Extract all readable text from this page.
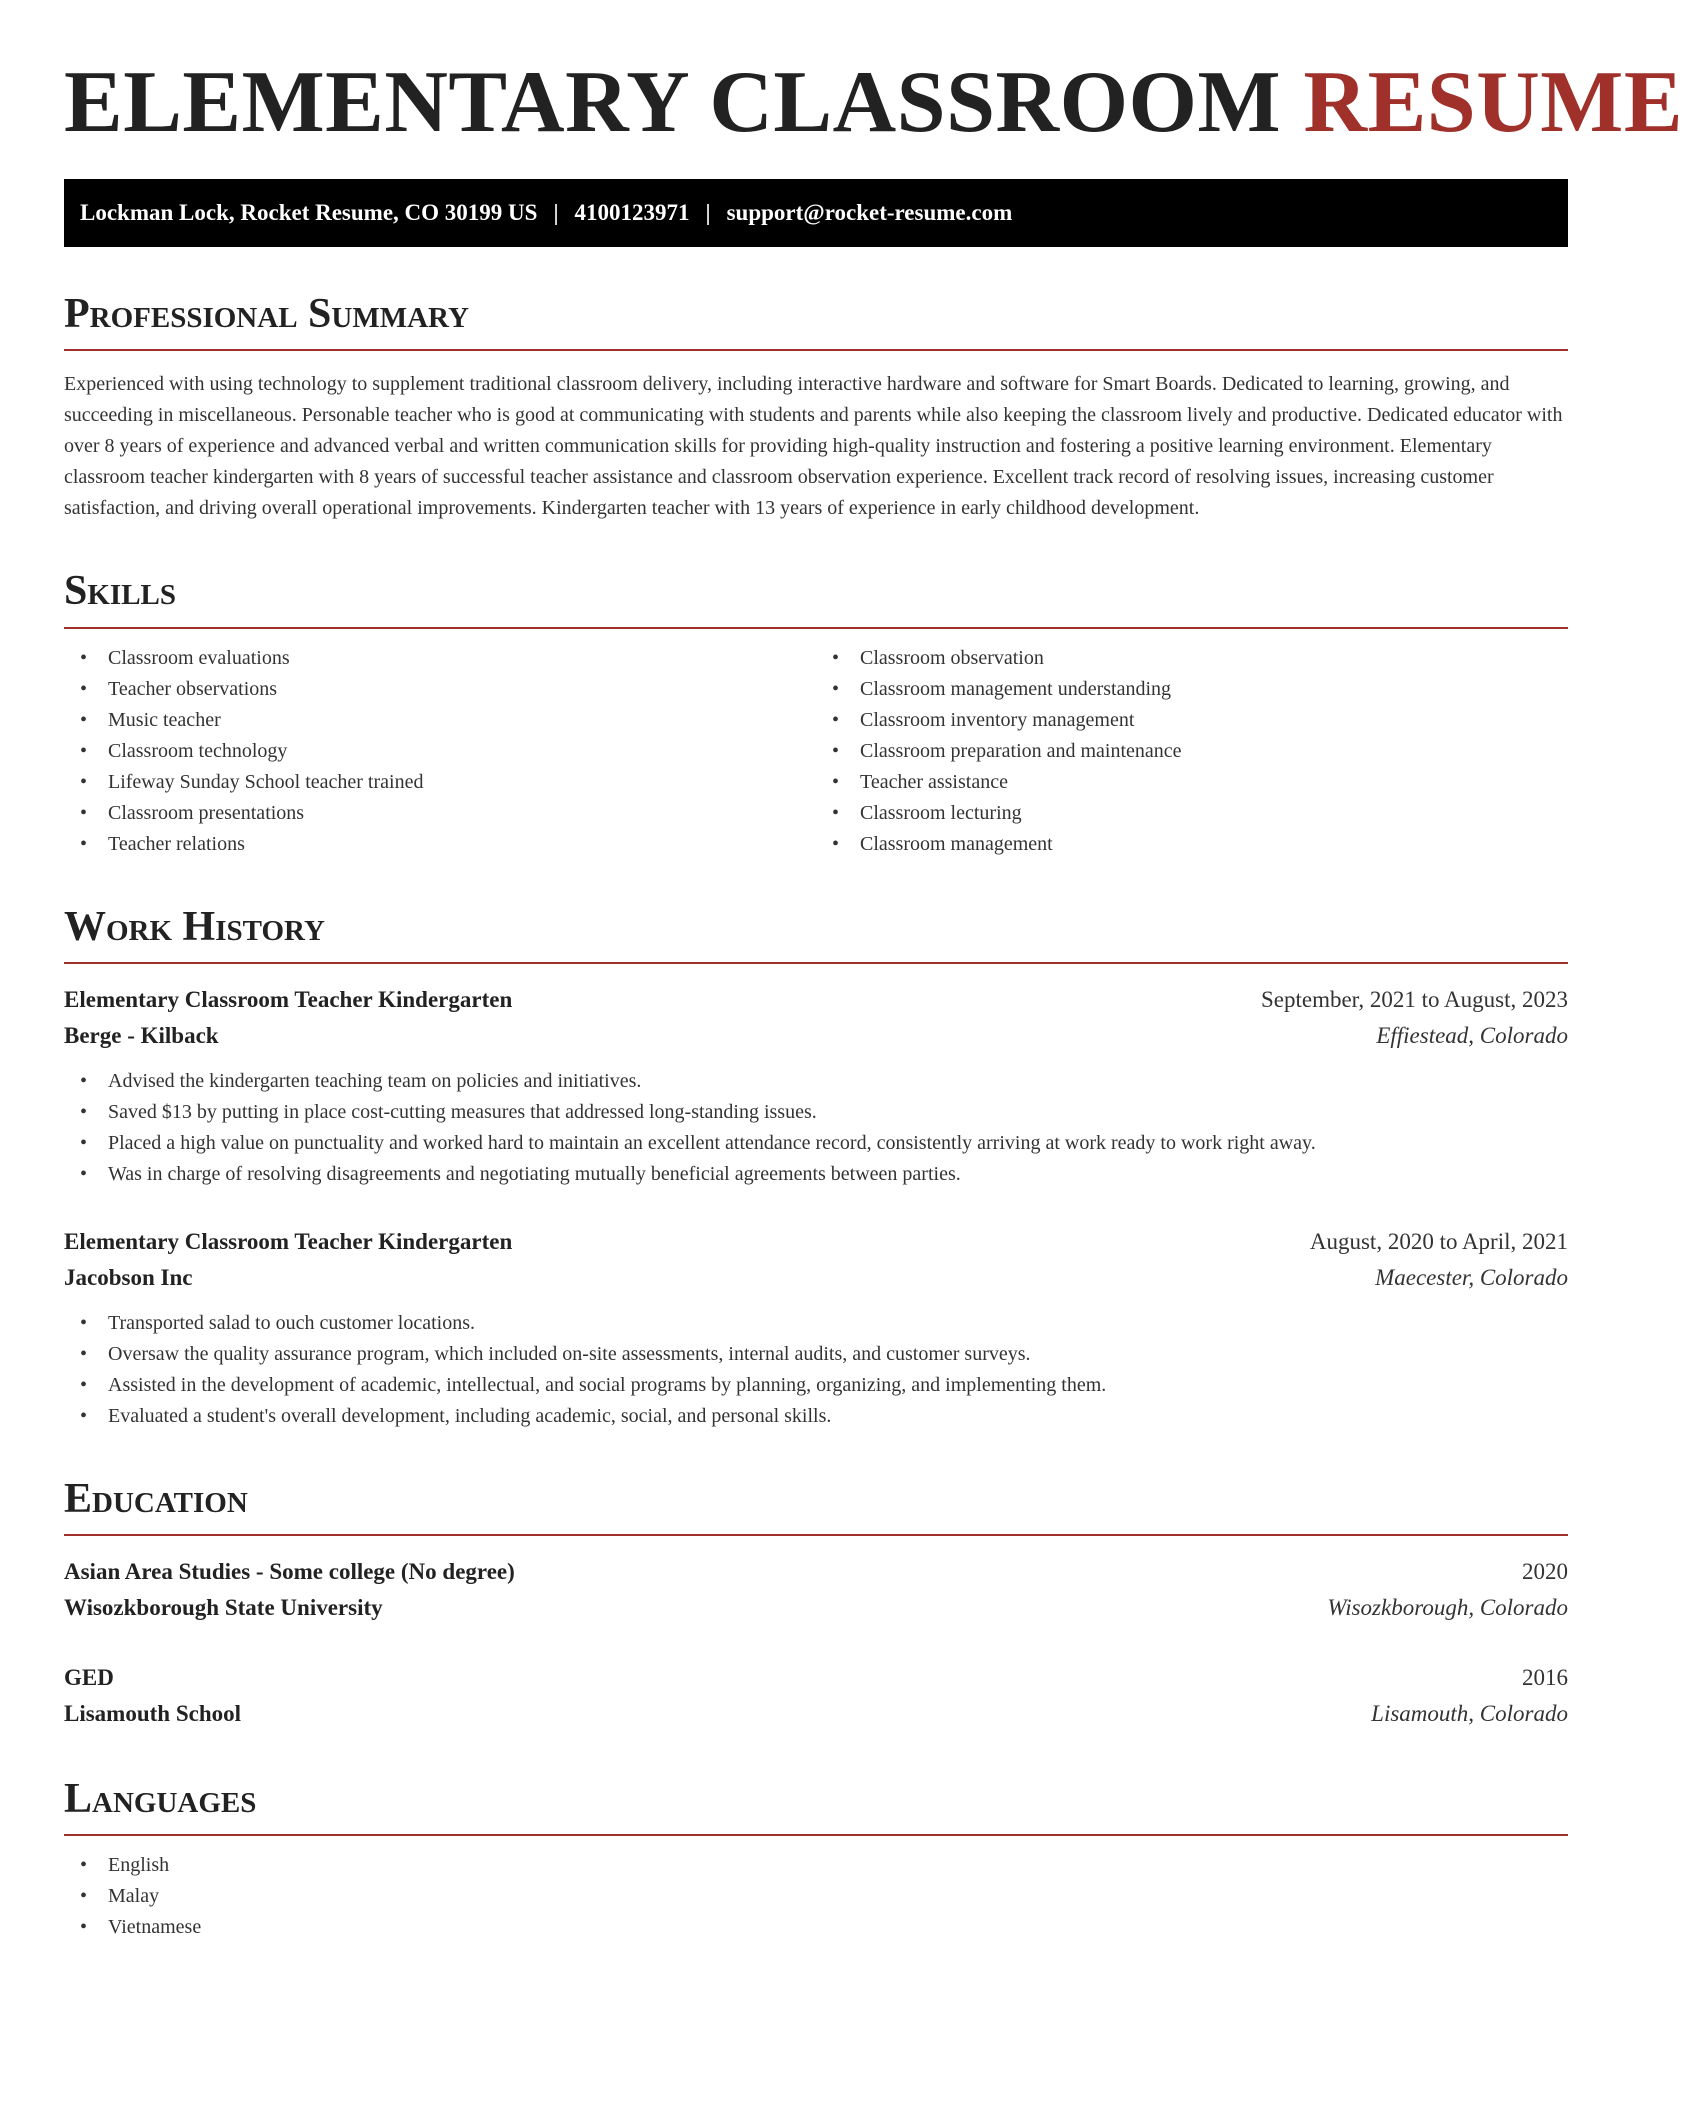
ELEMENTARY CLASSROOM RESUME
Lockman Lock, Rocket Resume, CO 30199 US | 4100123971 | support@rocket-resume.com
Professional Summary

Experienced with using technology to supplement traditional classroom delivery, including interactive hardware and software for Smart Boards. Dedicated to learning, growing, and succeeding in miscellaneous. Personable teacher who is good at communicating with students and parents while also keeping the classroom lively and productive. Dedicated educator with over 8 years of experience and advanced verbal and written communication skills for providing high-quality instruction and fostering a positive learning environment. Elementary classroom teacher kindergarten with 8 years of successful teacher assistance and classroom observation experience. Excellent track record of resolving issues, increasing customer satisfaction, and driving overall operational improvements. Kindergarten teacher with 13 years of experience in early childhood development.

Skills
• Classroom evaluations
• Teacher observations
• Music teacher
• Classroom technology
• Lifeway Sunday School teacher trained
• Classroom presentations
• Teacher relations
• Classroom observation
• Classroom management understanding
• Classroom inventory management
• Classroom preparation and maintenance
• Teacher assistance
• Classroom lecturing
• Classroom management
Work History
Elementary Classroom Teacher Kindergarten	September, 2021 to August, 2023
Berge - Kilback	Effiestead, Colorado
• Advised the kindergarten teaching team on policies and initiatives.
• Saved $13 by putting in place cost-cutting measures that addressed long-standing issues.
• Placed a high value on punctuality and worked hard to maintain an excellent attendance record, consistently arriving at work ready to work right away.
• Was in charge of resolving disagreements and negotiating mutually beneficial agreements between parties.
Elementary Classroom Teacher Kindergarten	August, 2020 to April, 2021
Jacobson Inc	Maecester, Colorado
• Transported salad to ouch customer locations.
• Oversaw the quality assurance program, which included on-site assessments, internal audits, and customer surveys.
• Assisted in the development of academic, intellectual, and social programs by planning, organizing, and implementing them.
• Evaluated a student's overall development, including academic, social, and personal skills.
Education
Asian Area Studies - Some college (No degree)	2020
Wisozkborough State University	Wisozkborough, Colorado
GED	2016
Lisamouth School	Lisamouth, Colorado
Languages
• English
• Malay
• Vietnamese
